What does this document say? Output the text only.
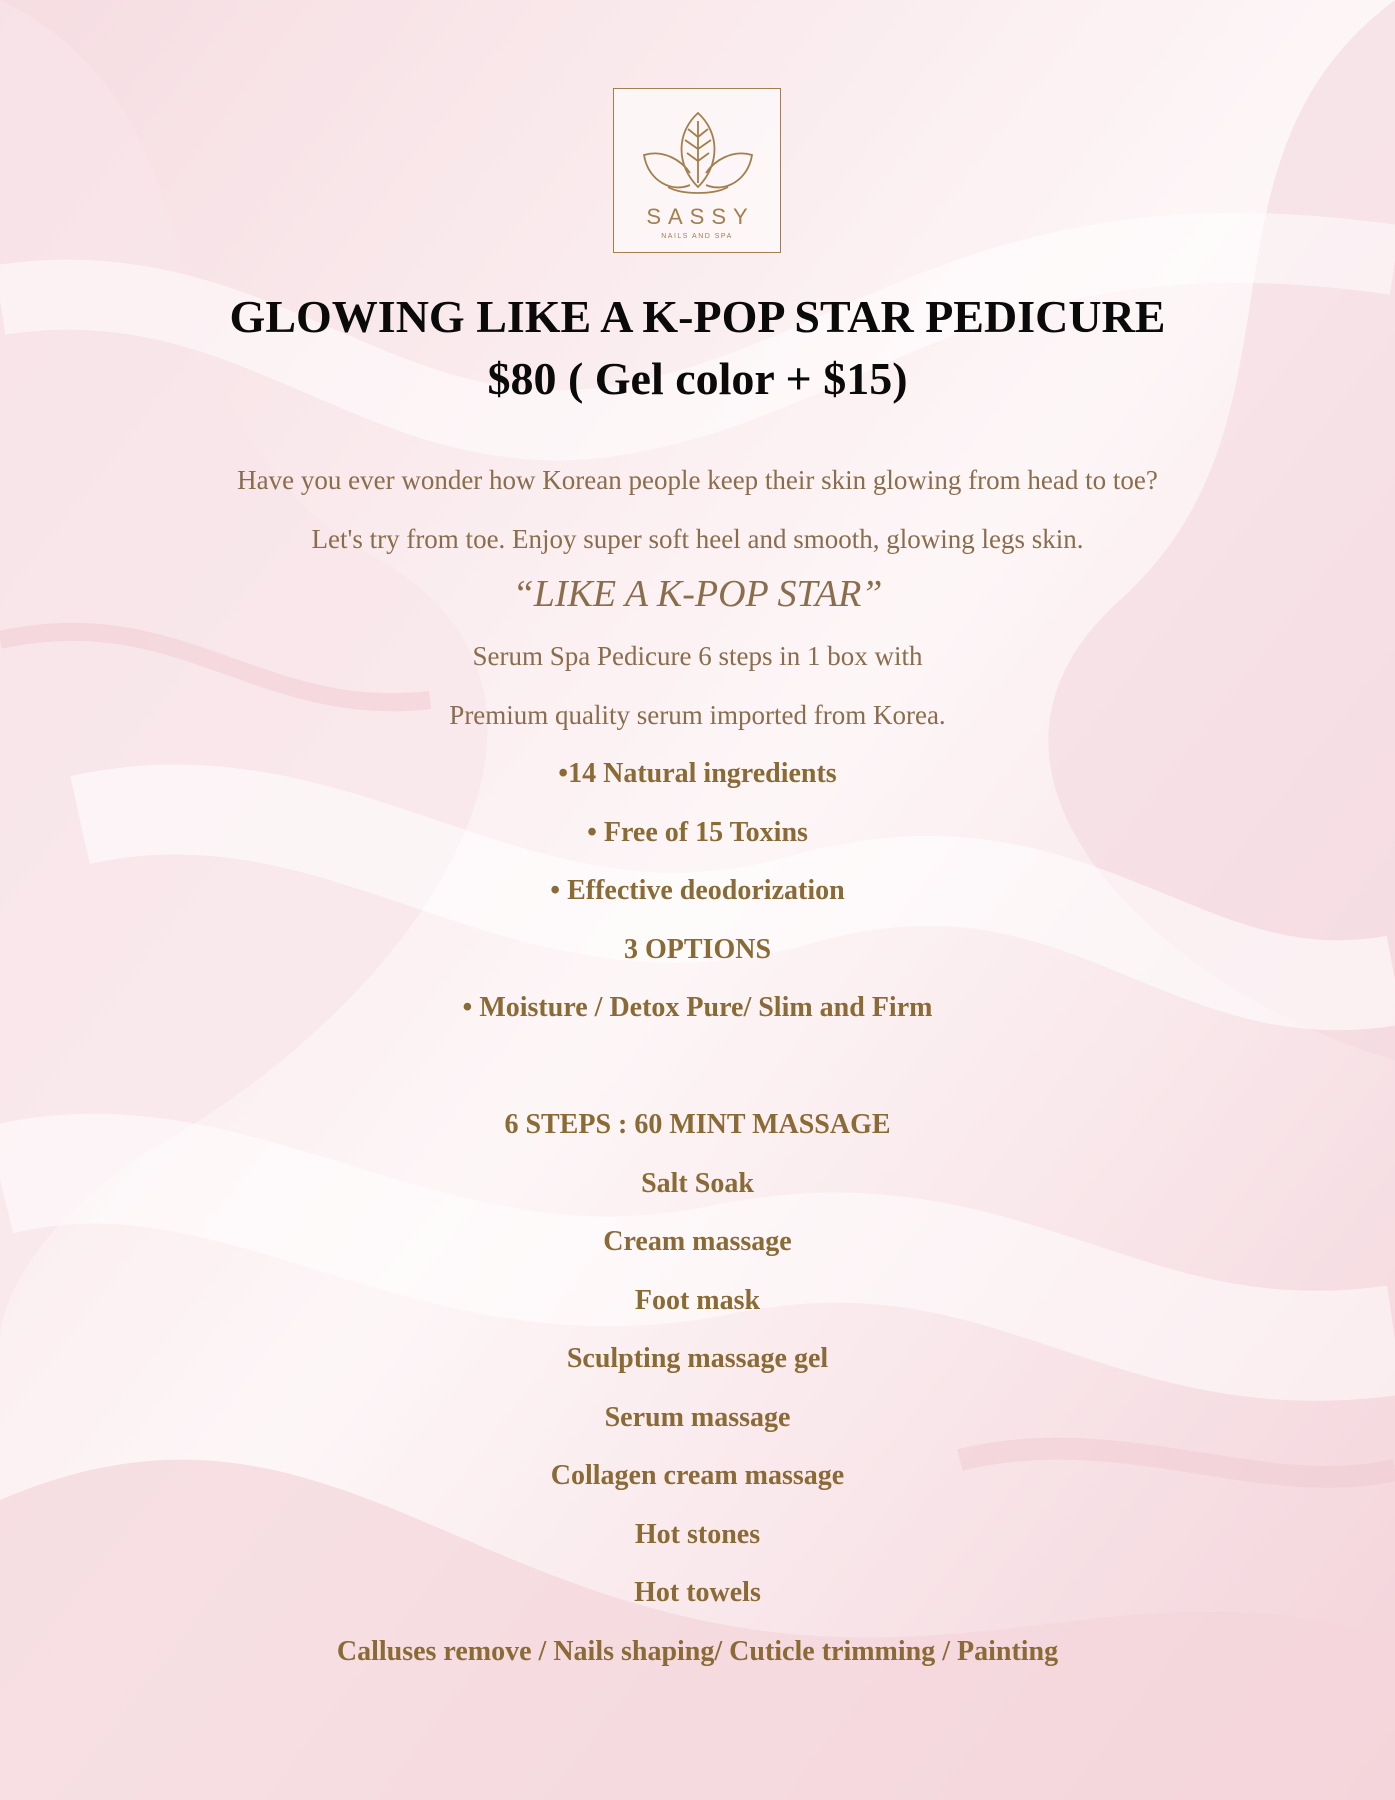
SASSY
NAILS AND SPA
GLOWING LIKE A K-POP STAR PEDICURE
$80 ( Gel color + $15)
Have you ever wonder how Korean people keep their skin glowing from head to toe?
Let's try from toe. Enjoy super soft heel and smooth, glowing legs skin.
“LIKE A K-POP STAR”
Serum Spa Pedicure 6 steps in 1 box with
Premium quality serum imported from Korea.
•14 Natural ingredients
• Free of 15 Toxins
• Effective deodorization
3 OPTIONS
• Moisture / Detox Pure/ Slim and Firm
6 STEPS : 60 MINT MASSAGE
Salt Soak
Cream massage
Foot mask
Sculpting massage gel
Serum massage
Collagen cream massage
Hot stones
Hot towels
Calluses remove / Nails shaping/ Cuticle trimming / Painting
